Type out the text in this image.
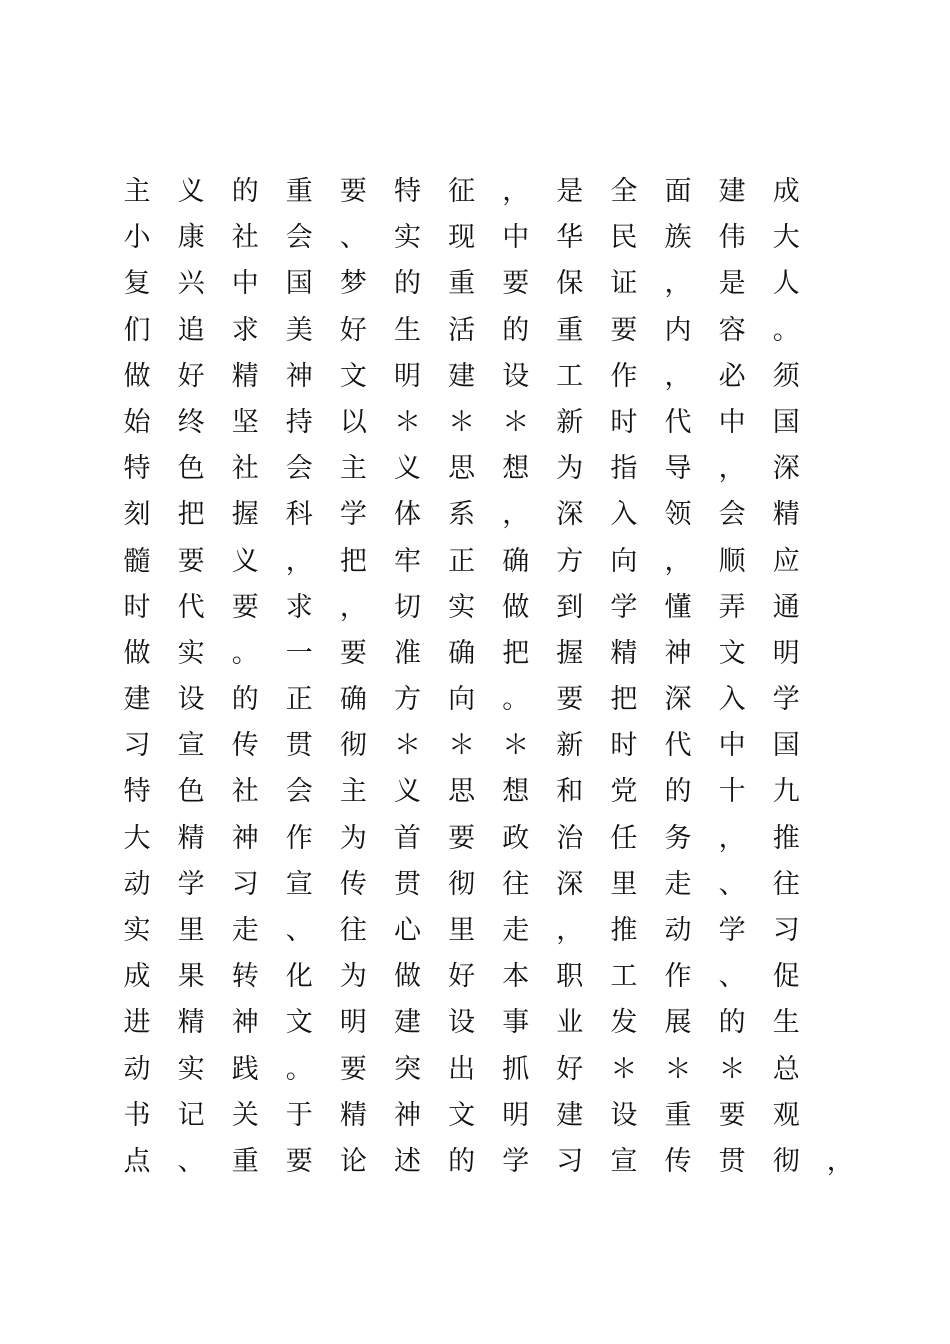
主 义 的 重 要 特 征 ， 是 全 面 建 成
小 康 社 会 、 实 现 中 华 民 族 伟 大
复 兴 中 国 梦 的 重 要 保 证 ， 是 人
们 追 求 美 好 生 活 的 重 要 内 容 。
做 好 精 神 文 明 建 设 工 作 ， 必 须
始 终 坚 持 以 ＊ ＊ ＊ 新 时 代 中 国
特 色 社 会 主 义 思 想 为 指 导 ， 深
刻 把 握 科 学 体 系 ， 深 入 领 会 精
髓 要 义 ， 把 牢 正 确 方 向 ， 顺 应
时 代 要 求 ， 切 实 做 到 学 懂 弄 通
做 实 。 一 要 准 确 把 握 精 神 文 明
建 设 的 正 确 方 向 。 要 把 深 入 学
习 宣 传 贯 彻 ＊ ＊ ＊ 新 时 代 中 国
特 色 社 会 主 义 思 想 和 党 的 十 九
大 精 神 作 为 首 要 政 治 任 务 ， 推
动 学 习 宣 传 贯 彻 往 深 里 走 、 往
实 里 走 、 往 心 里 走 ， 推 动 学 习
成 果 转 化 为 做 好 本 职 工 作 、 促
进 精 神 文 明 建 设 事 业 发 展 的 生
动 实 践 。 要 突 出 抓 好 ＊ ＊ ＊ 总
书 记 关 于 精 神 文 明 建 设 重 要 观
点 、 重 要 论 述 的 学 习 宣 传 贯 彻 ，
